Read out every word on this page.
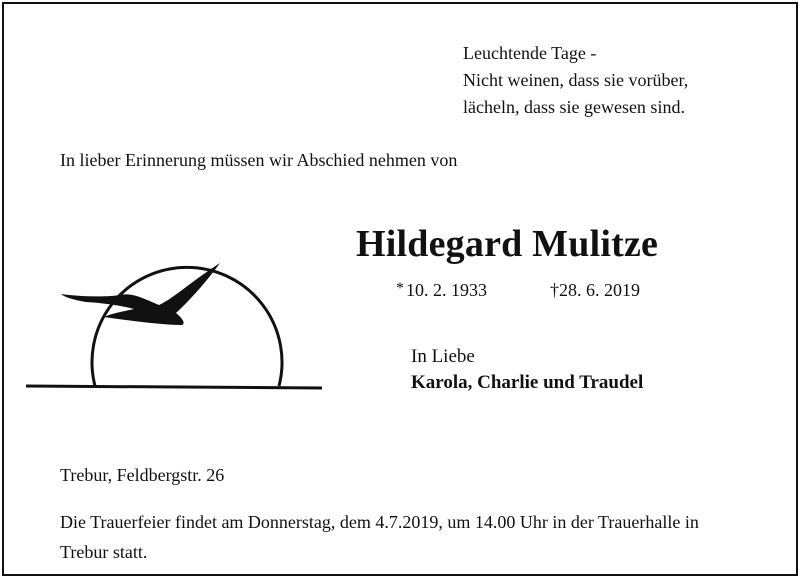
Leuchtende Tage -
Nicht weinen, dass sie vorüber,
lächeln, dass sie gewesen sind.
In lieber Erinnerung müssen wir Abschied nehmen von
Hildegard Mulitze
* 10. 2. 1933	†28. 6. 2019
In Liebe
Karola, Charlie und Traudel
Trebur, Feldbergstr. 26
Die Trauerfeier findet am Donnerstag, dem 4.7.2019, um 14.00 Uhr in der Trauerhalle in Trebur statt.
